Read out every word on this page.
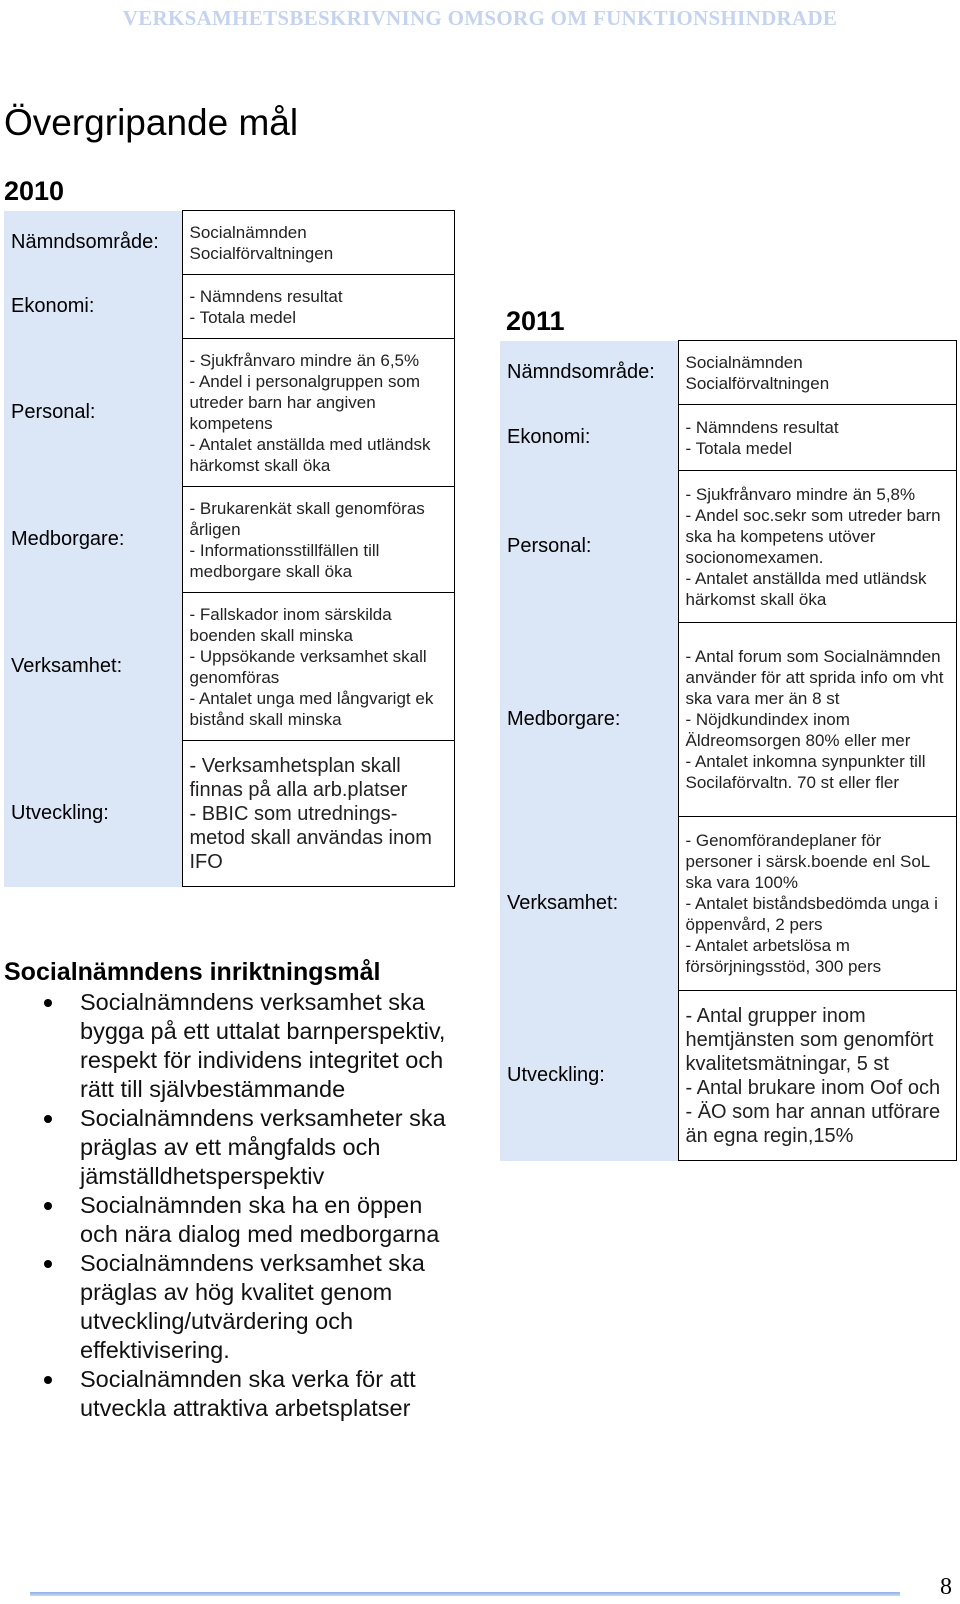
VERKSAMHETSBESKRIVNING OMSORG OM FUNKTIONSHINDRADE
Övergripande mål
2010
Nämndsområde:	Socialnämnden
Socialförvaltningen
Ekonomi:	- Nämndens resultat
- Totala medel
Personal:	- Sjukfrånvaro mindre än 6,5%
- Andel i personalgruppen som utreder barn har angiven kompetens
- Antalet anställda med utländsk härkomst skall öka
Medborgare:	- Brukarenkät skall genomföras årligen
- Informationsstillfällen till medborgare skall öka
Verksamhet:	- Fallskador inom särskilda boenden skall minska
- Uppsökande verksamhet skall genomföras
- Antalet unga med långvarigt ek bistånd skall minska
Utveckling:	- Verksamhetsplan skall finnas på alla arb.platser
- BBIC som utrednings-metod skall användas inom IFO
2011
Nämndsområde:	Socialnämnden
Socialförvaltningen
Ekonomi:	- Nämndens resultat
- Totala medel
Personal:	- Sjukfrånvaro mindre än 5,8%
- Andel soc.sekr som utreder barn ska ha kompetens utöver socionomexamen.
- Antalet anställda med utländsk härkomst skall öka
Medborgare:	- Antal forum som Socialnämnden använder för att sprida info om vht ska vara mer än 8 st
- Nöjdkundindex inom Äldreomsorgen 80% eller mer
- Antalet inkomna synpunkter till Socilaförvaltn. 70 st eller fler
Verksamhet:	- Genomförandeplaner för personer i särsk.boende enl SoL ska vara 100%
- Antalet biståndsbedömda unga i öppenvård, 2 pers
- Antalet arbetslösa m försörjningsstöd, 300 pers
Utveckling:	- Antal grupper inom hemtjänsten som genomfört kvalitetsmätningar, 5 st
- Antal brukare inom Oof och - ÄO som har annan utförare än egna regin,15%
Socialnämndens inriktningsmål
Socialnämndens verksamhet ska bygga på ett uttalat barnperspektiv, respekt för individens integritet och rätt till självbestämmande
Socialnämndens verksamheter ska präglas av ett mångfalds och jämställdhetsperspektiv
Socialnämnden ska ha en öppen och nära dialog med medborgarna
Socialnämndens verksamhet ska präglas av hög kvalitet genom utveckling/utvärdering och effektivisering.
Socialnämnden ska verka för att utveckla attraktiva arbetsplatser
8
